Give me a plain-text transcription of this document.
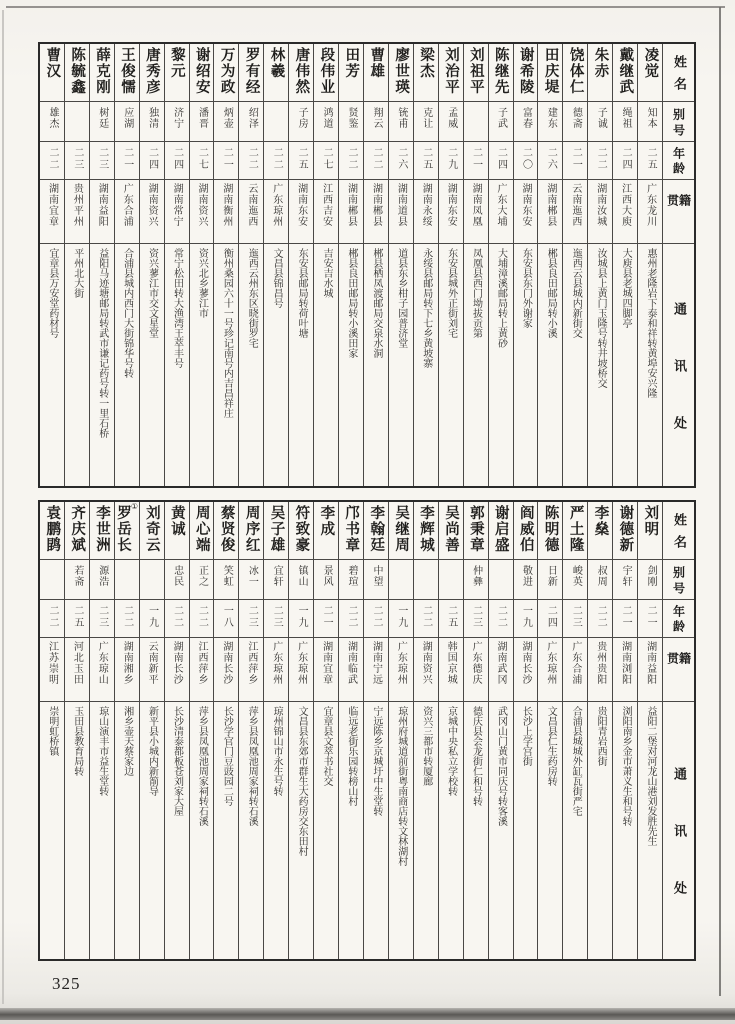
曹汉
雄杰
二二
湖南宜章
宜章县万安堂药材号
陈毓鑫
二三
贵州平州
平州北大街
薛克刚
树廷
二三
湖南益阳
益阳马迹塘邮局转武市谦记药号转一里石桥
王俊懦
应湖
二一
广东合浦
合浦县城内西门大街锦华号转
唐秀彦
独清
二四
湖南资兴
资兴蓼江市交文星堂
黎元
济宁
二四
湖南常宁
常宁松田转大渔湾王萃丰号
谢绍安
潘晋
二七
湖南资兴
资兴北乡蓼江市
万为政
炳壶
二一
湖南衡州
衡州桑园六十一号珍记南号内吉昌祥庄
罗有经
绍泽
二二
云南迤西
迤西云州东区晓街罗宅
林羲
二二
广东琼州
文昌县锦昌号
唐伟然
子房
二五
湖南东安
东安县邮局转荷叶塘
段伟业
鸿道
二七
江西吉安
吉安吉水城
田芳
贤鉴
二二
湖南郴县
郴县良田邮局转小溪田家
曹雄
翔云
二二
湖南郴县
郴县栖凤渡邮局交泉水洞
廖世瑛
铳甫
二六
湖南道县
道县东乡柑子园普济堂
梁杰
克让
二五
湖南永绥
永绥县邮局转下七乡黄坡寨
刘治平
孟威
二九
湖南东安
东安县城外正街刘宅
刘祖平
二一
湖南凤凰
凤凰县西门坳拔贡第
陈继先
子武
二四
广东大埔
大埔漳溪邮局转上黄砂
谢希陵
富春
二〇
湖南东安
东安县东门外谢家
田庆堤
建东
二六
湖南郴县
郴县良田邮局转小溪
饶体仁
德斋
二一
云南迤西
迤西云县城内新街交
朱赤
子诚
二二
湖南汝城
汝城县上黄门玉隆号转井坡桥交
戴继武
绳祖
二四
江西大庾
大庾县老城四脚亭
凌觉
知本
二五
广东龙川
惠州老隆岩下泰和祥转黄埠安兴隆
姓名
别号
年龄
籍贯
通讯处
袁鹏鹍
二二
江苏崇明
崇明虹桥镇
齐庆斌
若斋
二五
河北玉田
玉田县教育局转
李世洲
源浩
二三
广东琼山
琼山演丰市益生堂转
罗岳长 ①
二二
湖南湘乡
湘乡壶天蔡家边
刘奇云
一九
云南新平
新平县小城内新箾导
黄诚
忠民
二二
湖南长沙
长沙清泰都板苍刘家大屋
周心端
正之
二二
江西萍乡
萍乡县凤凰池周家祠转石溪
蔡贤俊
笑虹
一八
湖南长沙
长沙学官门豆豉园二号
周序红
冰一
二三
江西萍乡
萍乡县凤凰池周家祠转石溪
吴子雄
宜轩
二三
广东琼州
琼州锦山市永生号转
符致豪
镇山
一九
广东琼州
文昌县东郊市群生大药房交东田村
李成
景风
二一
湖南宜章
宜章县文萃书社交
邝书章
碧瑄
二二
湖南临武
临远老街乐园转榜山村
李翰廷
中望
二二
湖南宁远
宁远陈乡京城圩中生堂转
吴继周
一九
广东琼州
琼州府城道前街粤南商店转文林湖村
李辉城
二二
湖南资兴
资兴三都市转厦廊
吴尚善
二五
韩国京城
京城中央私立学校转
郭秉章
仲彝
二三
广东德庆
德庆县会龙街仁和号转
谢启盛
二二
湖南武冈
武冈山门黄市同庆号转客溪
阎威伯
敬进
一九
湖南长沙
长沙上学宫街
陈明德
日新
二四
广东琼州
文昌县仁生药房转
严土隆
峻英
二三
广东合浦
合浦县城城外缸瓦街严宅
李燊
叔周
二二
贵州贵阳
贵阳青岩西街
谢德新
宇轩
二一
湖南浏阳
浏阳南乡金市萧义生和号转
刘明
剑刚
二一
湖南益阳
益阳二堡对河龙山港刘发胜先生
姓名
别号
年龄
籍贯
通讯处
325
